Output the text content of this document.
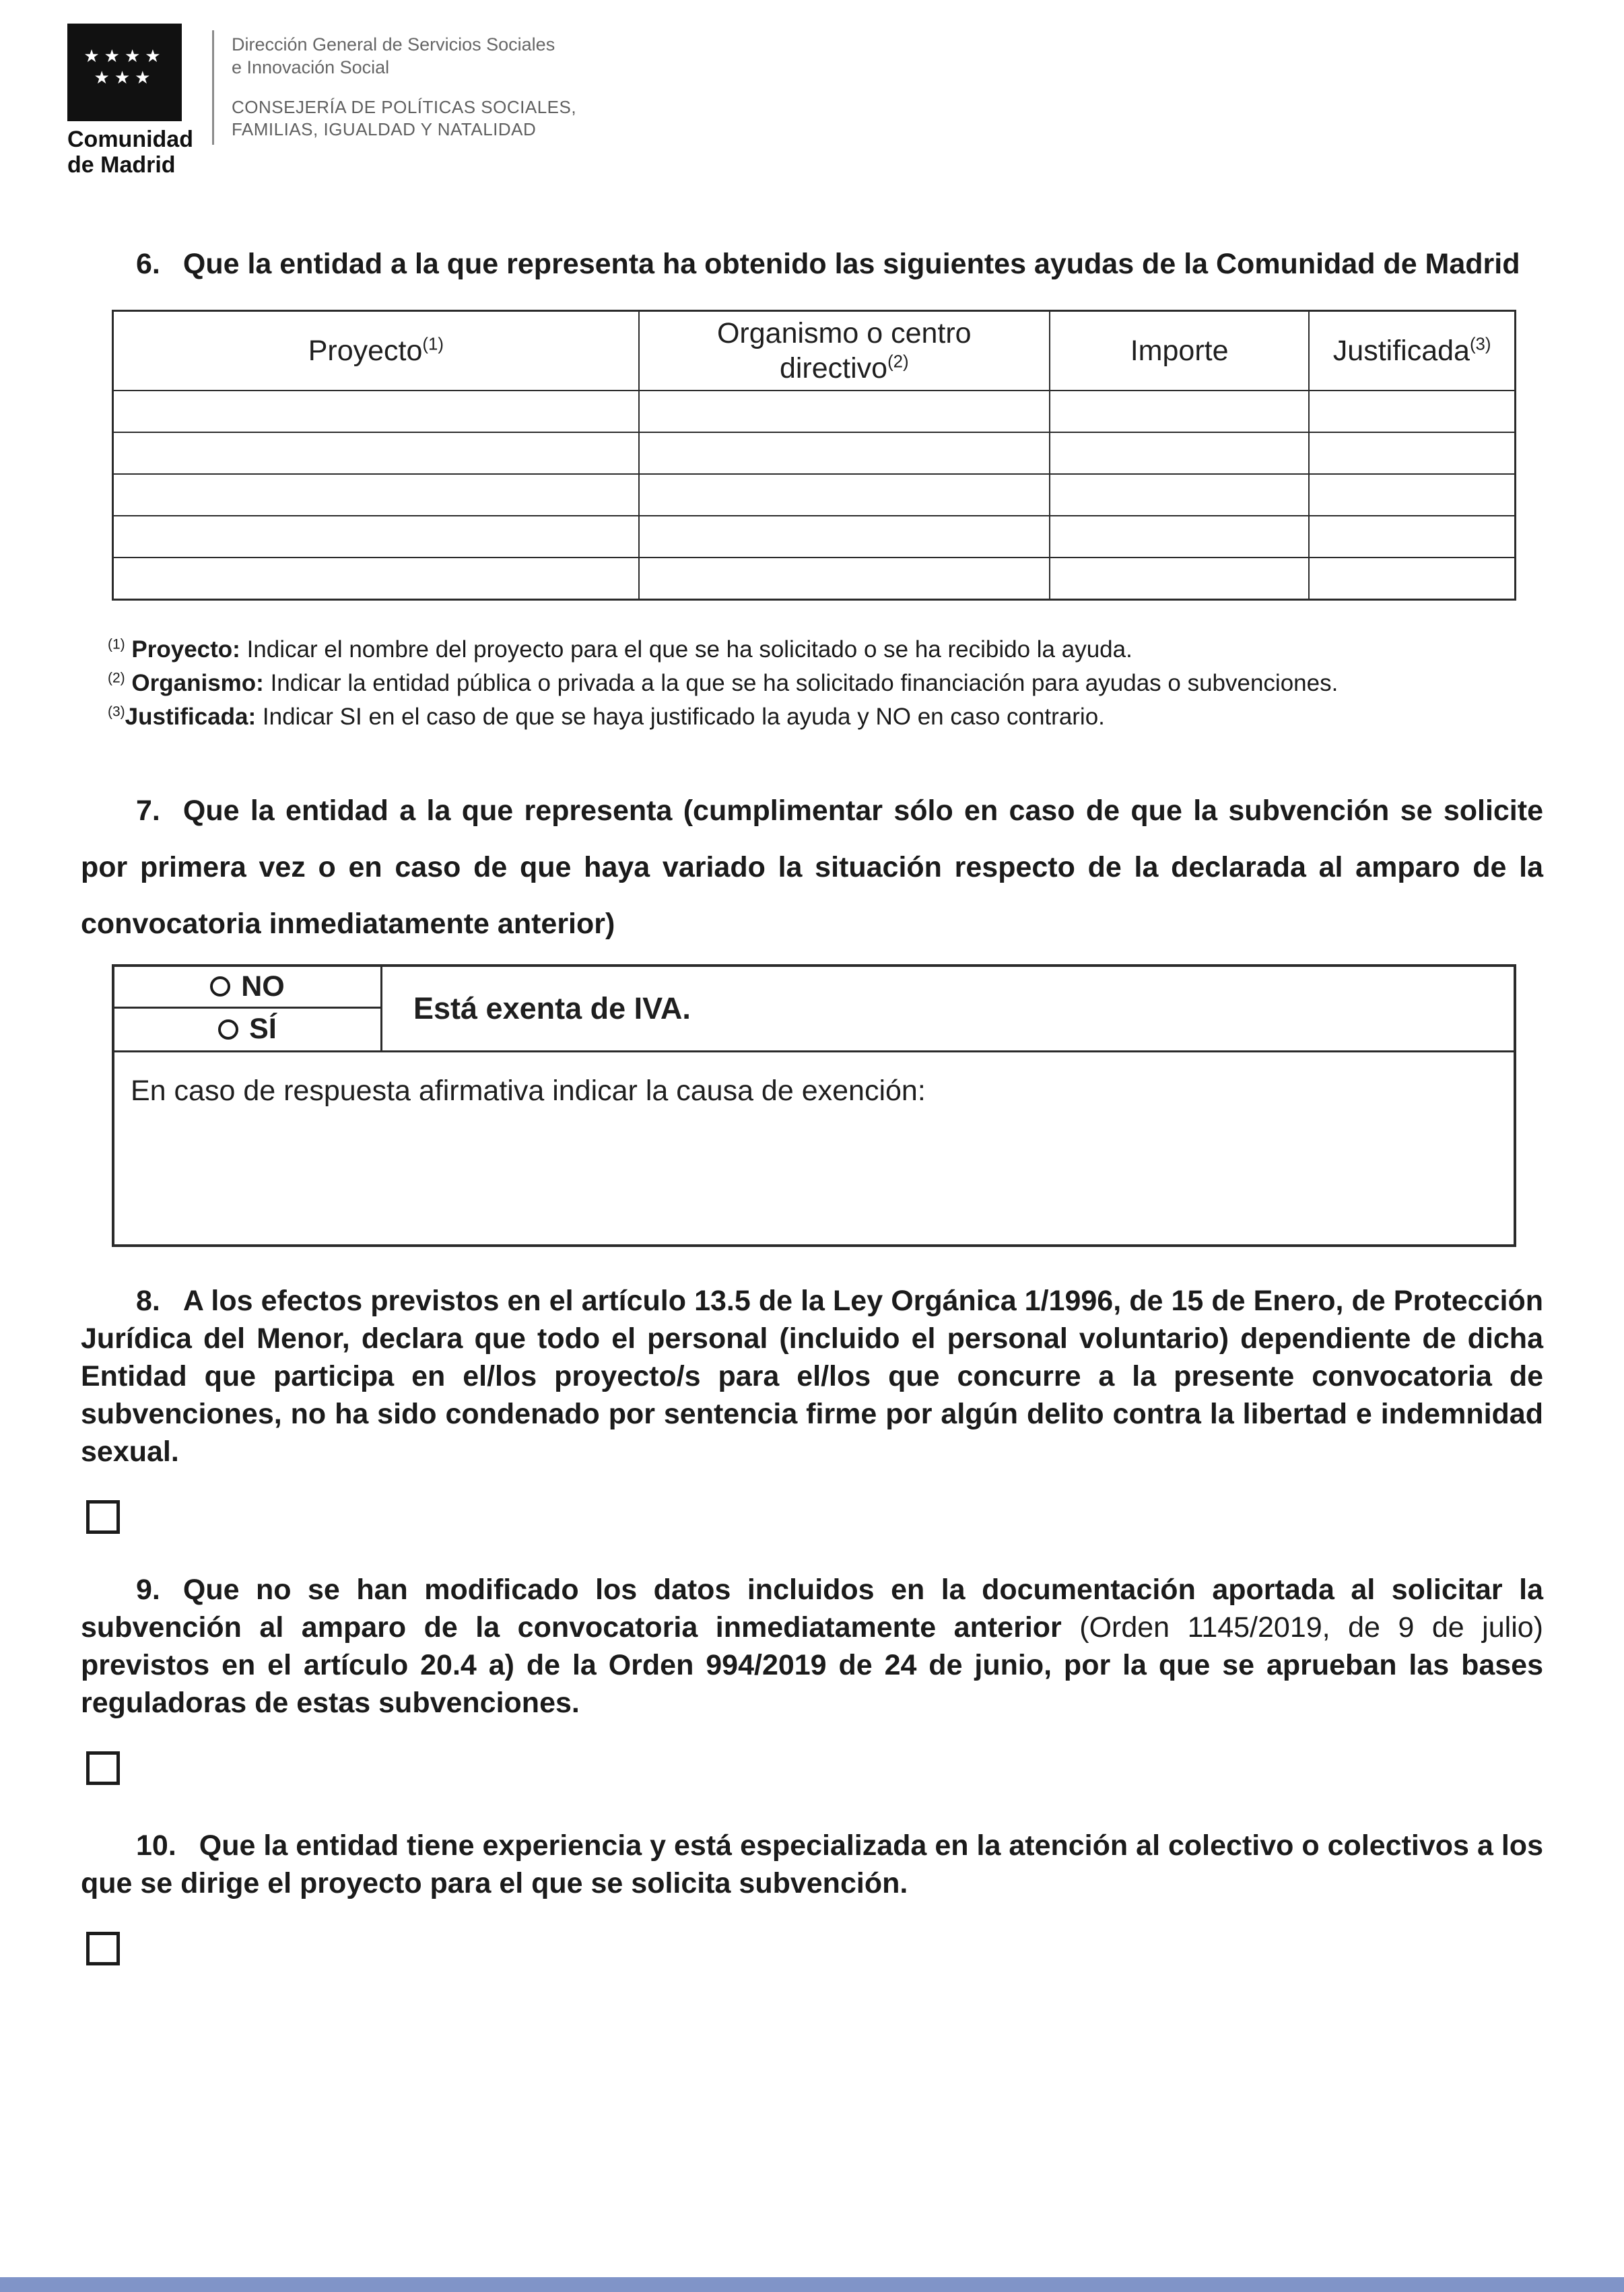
★★★★
★★★
Comunidad
de Madrid

Dirección General de Servicios Sociales
e Innovación Social

CONSEJERÍA DE POLÍTICAS SOCIALES,
FAMILIAS, IGUALDAD Y NATALIDAD

6. Que la entidad a la que representa ha obtenido las siguientes ayudas de la Comunidad de Madrid

Proyecto$^{(1)}$	Organismo o centro directivo$^{(2)}$	Importe	Justificada$^{(3)}$

$^{(1)}$ Proyecto: Indicar el nombre del proyecto para el que se ha solicitado o se ha recibido la ayuda.

$^{(2)}$ Organismo: Indicar la entidad pública o privada a la que se ha solicitado financiación para ayudas o subvenciones.

$^{(3)}$Justificada: Indicar SI en el caso de que se haya justificado la ayuda y NO en caso contrario.

7. Que la entidad a la que representa (cumplimentar sólo en caso de que la subvención se solicite por primera vez o en caso de que haya variado la situación respecto de la declarada al amparo de la convocatoria inmediatamente anterior)

NO
SÍ
Está exenta de IVA.

En caso de respuesta afirmativa indicar la causa de exención:

8. A los efectos previstos en el artículo 13.5 de la Ley Orgánica 1/1996, de 15 de Enero, de Protección Jurídica del Menor, declara que todo el personal (incluido el personal voluntario) dependiente de dicha Entidad que participa en el/los proyecto/s para el/los que concurre a la presente convocatoria de subvenciones, no ha sido condenado por sentencia firme por algún delito contra la libertad e indemnidad sexual.

9. Que no se han modificado los datos incluidos en la documentación aportada al solicitar la subvención al amparo de la convocatoria inmediatamente anterior (Orden 1145/2019, de 9 de julio) previstos en el artículo 20.4 a) de la Orden 994/2019 de 24 de junio, por la que se aprueban las bases reguladoras de estas subvenciones.

10. Que la entidad tiene experiencia y está especializada en la atención al colectivo o colectivos a los que se dirige el proyecto para el que se solicita subvención.
